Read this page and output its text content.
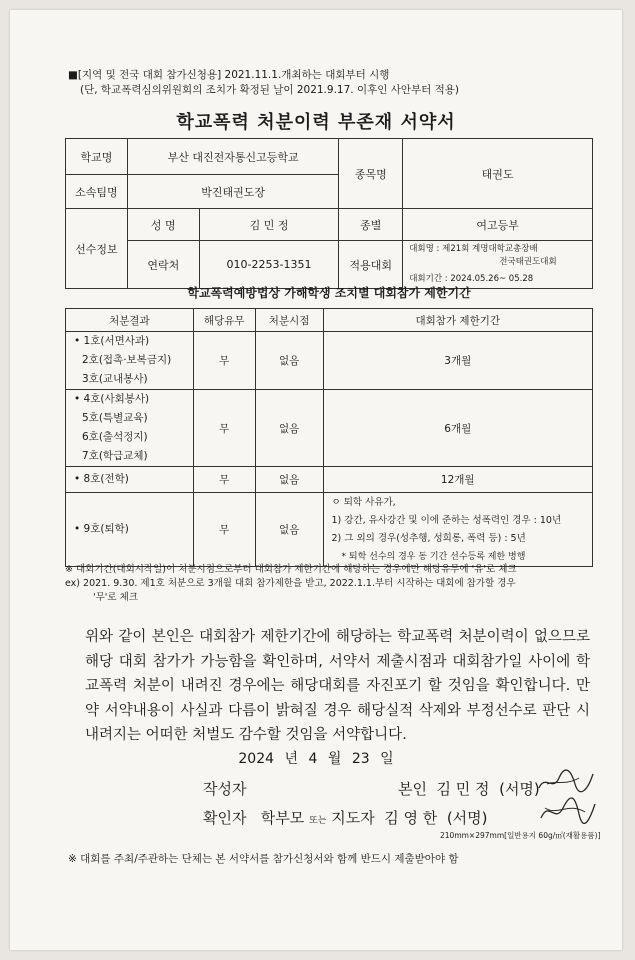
■[지역 및 전국 대회 참가신청용] 2021.11.1.개최하는 대회부터 시행
(단, 학교폭력심의위원회의 조치가 확정된 날이 2021.9.17. 이후인 사안부터 적용)
학교폭력 처분이력 부존재 서약서
학교명	부산 대진전자통신고등학교		종목명	태권도
소속팀명	박진태권도장			
선수정보	성 명	김 민 정	종별	여고등부
	연락처	010-2253-1351	적용대회	대회명 : 제21회 계명대학교총장배
전국태권도대회
대회기간 : 2024.05.26~ 05.28
학교폭력예방법상 가해학생 조치별 대회참가 제한기간
처분결과	해당유무	처분시점	대회참가 제한기간

• 1호(서면사과)
2호(접촉·보복금지)
3호(교내봉사)	무	없음	3개월

• 4호(사회봉사)
5호(특별교육)
6호(출석정지)
7호(학급교체)	무	없음	6개월
• 8호(전학)	무	없음	12개월
• 9호(퇴학)	무	없음	ㅇ 퇴학 사유가,
1) 강간, 유사강간 및 이에 준하는 성폭력인 경우 : 10년
2) 그 외의 경우(성추행, 성희롱, 폭력 등) : 5년
* 퇴학 선수의 경우 동 기간 선수등록 제한 병행
※ 대회기간(대회시작일)이 처분시점으로부터 대회참가 제한기간에 해당하는 경우에만 해당유무에 '유'로 체크
ex) 2021. 9.30. 제1호 처분으로 3개월 대회 참가제한을 받고, 2022.1.1.부터 시작하는 대회에 참가할 경우
'무'로 체크
위와 같이 본인은 대회참가 제한기간에 해당하는 학교폭력 처분이력이 없으므로 해당 대회 참가가 가능함을 확인하며, 서약서 제출시점과 대회참가일 사이에 학교폭력 처분이 내려진 경우에는 해당대회를 자진포기 할 것임을 확인합니다. 만약 서약내용이 사실과 다름이 밝혀질 경우 해당실적 삭제와 부정선수로 판단 시 내려지는 어떠한 처벌도 감수할 것임을 서약합니다.
2024 년 4 월 23 일
작성자	본인 김 민 정 (서명)
확인자 학부모 또는 지도자 김 영 한 (서명)
210mm×297mm[일반용지 60g/㎡(재활용품)]
※ 대회를 주최/주관하는 단체는 본 서약서를 참가신청서와 함께 반드시 제출받아야 함
